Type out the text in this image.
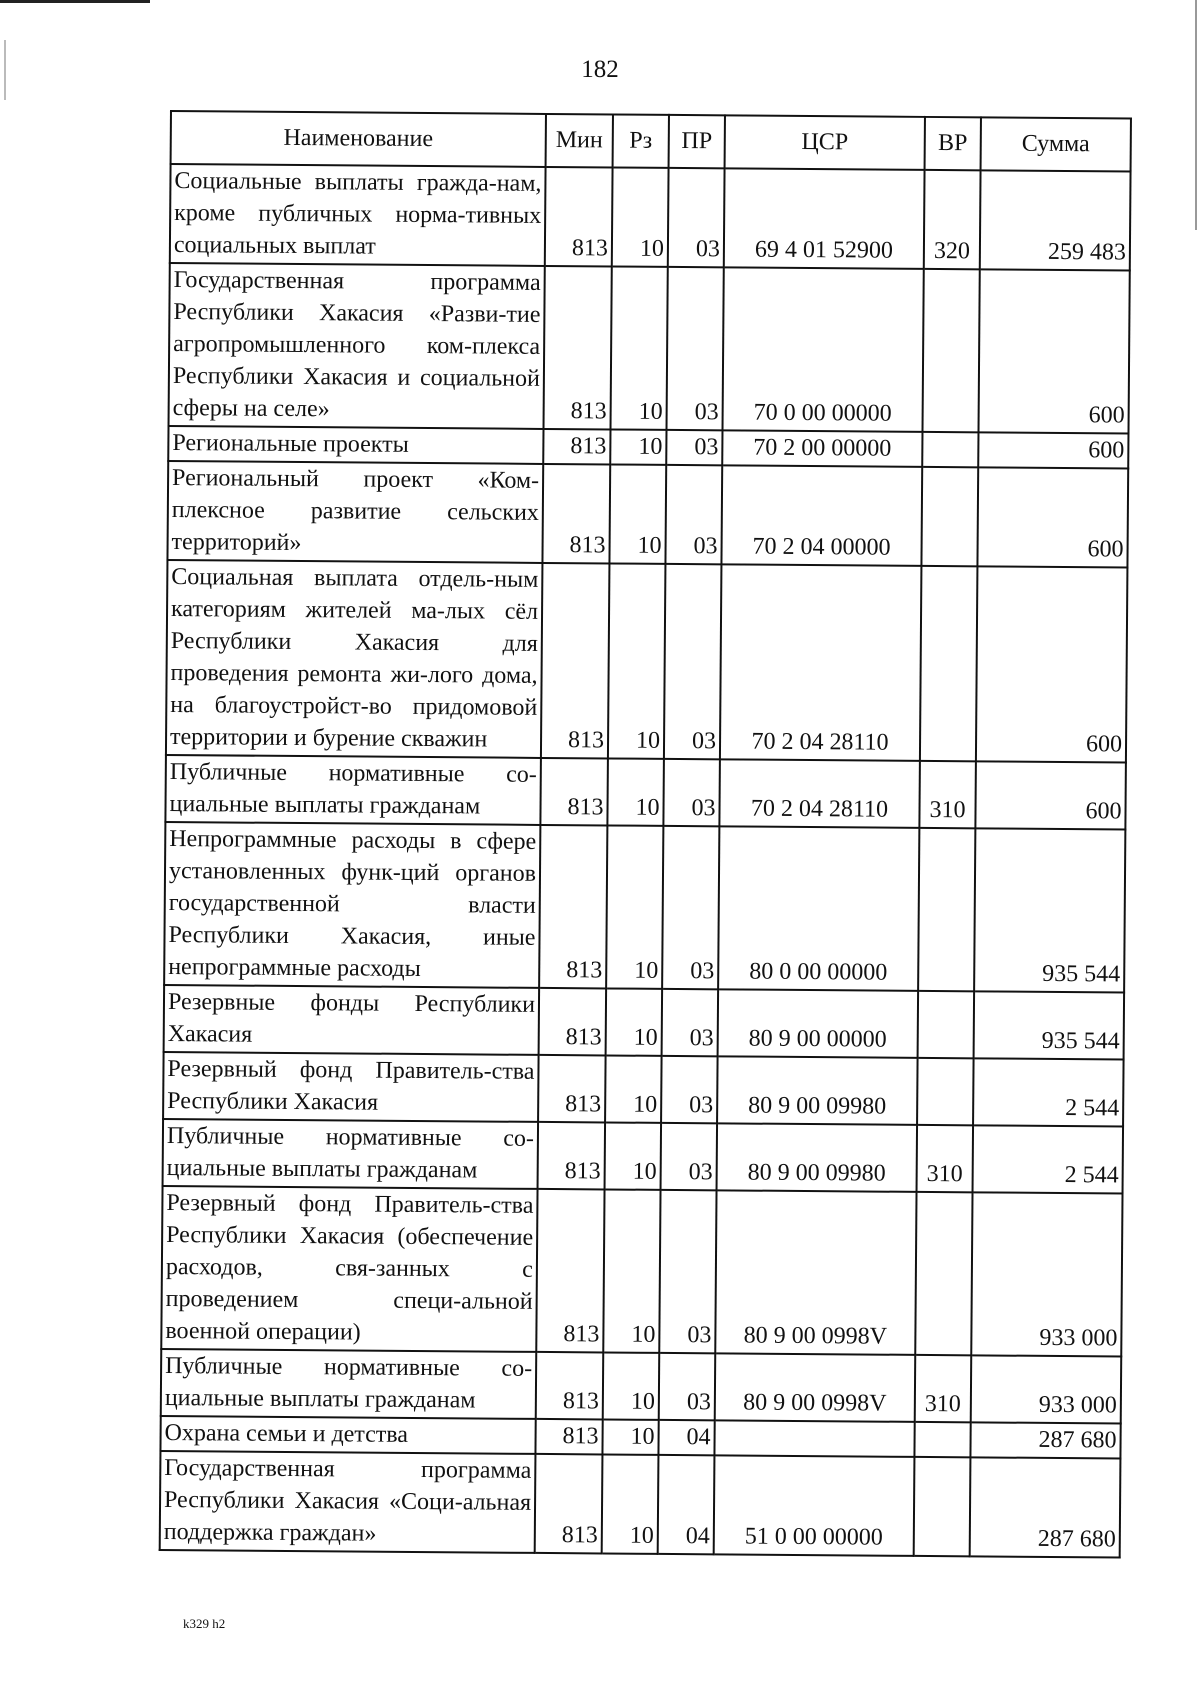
182
Наименование	Мин	Рз	ПР	ЦСР	ВР	Сумма
Социальные выплаты гражда-нам, кроме публичных норма-тивных социальных выплат	813	10	03	69 4 01 52900	320	259 483
Государственная программа Республики Хакасия «Разви-тие агропромышленного ком-плекса Республики Хакасия и социальной сферы на селе»	813	10	03	70 0 00 00000		600
Региональные проекты	813	10	03	70 2 00 00000		600
Региональный проект «Ком-плексное развитие сельских территорий»	813	10	03	70 2 04 00000		600
Социальная выплата отдель-ным категориям жителей ма-лых сёл Республики Хакасия для проведения ремонта жи-лого дома, на благоустройст-во придомовой территории и бурение скважин	813	10	03	70 2 04 28110		600
Публичные нормативные со-циальные выплаты гражданам	813	10	03	70 2 04 28110	310	600
Непрограммные расходы в сфере установленных функ-ций органов государственной власти Республики Хакасия, иные непрограммные расходы	813	10	03	80 0 00 00000		935 544
Резервные фонды Республики Хакасия	813	10	03	80 9 00 00000		935 544
Резервный фонд Правитель-ства Республики Хакасия	813	10	03	80 9 00 09980		2 544
Публичные нормативные со-циальные выплаты гражданам	813	10	03	80 9 00 09980	310	2 544
Резервный фонд Правитель-ства Республики Хакасия (обеспечение расходов, свя-занных с проведением специ-альной военной операции)	813	10	03	80 9 00 0998V		933 000
Публичные нормативные со-циальные выплаты гражданам	813	10	03	80 9 00 0998V	310	933 000
Охрана семьи и детства	813	10	04			287 680
Государственная программа Республики Хакасия «Соци-альная поддержка граждан»	813	10	04	51 0 00 00000		287 680
k329 h2
